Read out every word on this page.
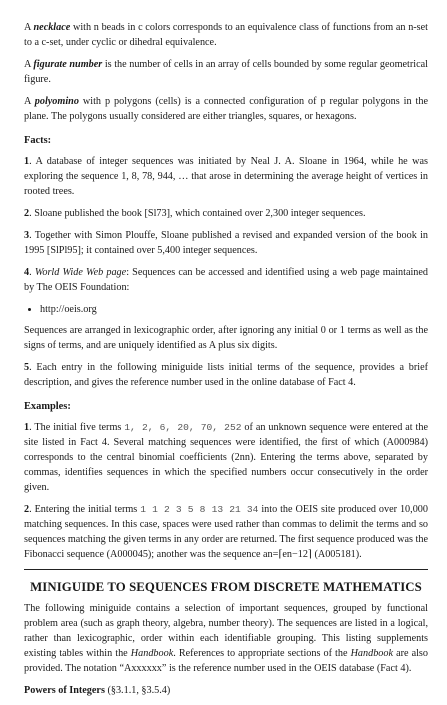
A necklace with n beads in c colors corresponds to an equivalence class of functions from an n-set to a c-set, under cyclic or dihedral equivalence.

A figurate number is the number of cells in an array of cells bounded by some regular geometrical figure.

A polyomino with p polygons (cells) is a connected configuration of p regular polygons in the plane. The polygons usually considered are either triangles, squares, or hexagons.

Facts:

1. A database of integer sequences was initiated by Neal J. A. Sloane in 1964, while he was exploring the sequence 1, 8, 78, 944, … that arose in determining the average height of vertices in rooted trees.

2. Sloane published the book [Sl73], which contained over 2,300 integer sequences.

3. Together with Simon Plouffe, Sloane published a revised and expanded version of the book in 1995 [SlPl95]; it contained over 5,400 integer sequences.

4. World Wide Web page: Sequences can be accessed and identified using a web page maintained by The OEIS Foundation:

• http://oeis.org

Sequences are arranged in lexicographic order, after ignoring any initial 0 or 1 terms as well as the signs of terms, and are uniquely identified as A plus six digits.

5. Each entry in the following miniguide lists initial terms of the sequence, provides a brief description, and gives the reference number used in the online database of Fact 4.

Examples:

1. The initial five terms 1, 2, 6, 20, 70, 252 of an unknown sequence were entered at the site listed in Fact 4. Several matching sequences were identified, the first of which (A000984) corresponds to the central binomial coefficients (2nn). Entering the terms above, separated by commas, identifies sequences in which the specified numbers occur consecutively in the order given.

2. Entering the initial terms 1 1 2 3 5 8 13 21 34 into the OEIS site produced over 10,000 matching sequences. In this case, spaces were used rather than commas to delimit the terms and so sequences matching the given terms in any order are returned. The first sequence produced was the Fibonacci sequence (A000045); another was the sequence an=⌈en−12⌉ (A005181).

MINIGUIDE TO SEQUENCES FROM DISCRETE MATHEMATICS

The following miniguide contains a selection of important sequences, grouped by functional problem area (such as graph theory, algebra, number theory). The sequences are listed in a logical, rather than lexicographic, order within each identifiable grouping. This listing supplements existing tables within the Handbook. References to appropriate sections of the Handbook are also provided. The notation “Axxxxxx” is the reference number used in the OEIS database (Fact 4).

Powers of Integers (§3.1.1, §3.5.4)
